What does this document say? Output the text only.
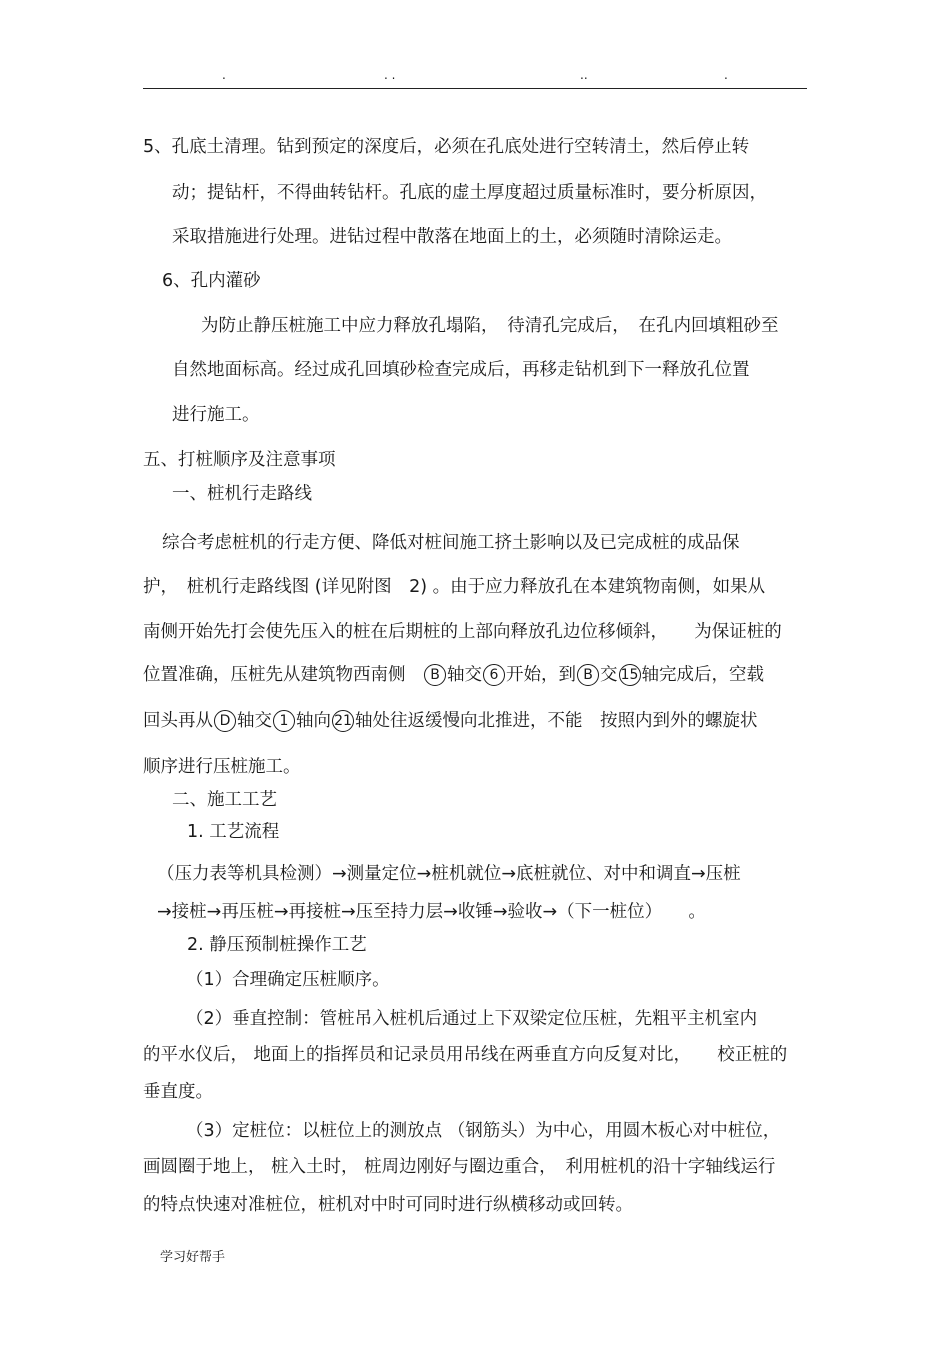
.	. .	..	.
5、孔底土清理。钻到预定的深度后，必须在孔底处进行空转清土，然后停止转
动；提钻杆，不得曲转钻杆。孔底的虚土厚度超过质量标准时，要分析原因，
采取措施进行处理。进钻过程中散落在地面上的土，必须随时清除运走。
6、孔内灌砂
为防止静压桩施工中应力释放孔塌陷，　待清孔完成后，　在孔内回填粗砂至
自然地面标高。经过成孔回填砂检查完成后，再移走钻机到下一释放孔位置
进行施工。
五、打桩顺序及注意事项
一、桩机行走路线
综合考虑桩机的行走方便、降低对桩间施工挤土影响以及已完成桩的成品保
护，　桩机行走路线图 (详见附图　2) 。由于应力释放孔在本建筑物南侧，如果从
南侧开始先打会使先压入的桩在后期桩的上部向释放孔边位移倾斜，　　为保证桩的
位置准确，压桩先从建筑物西南侧　B 轴交 6 开始，到 B 交 15 轴完成后，空载
回头再从 D 轴交 1 轴向 21 轴处往返缓慢向北推进，不能　按照内到外的螺旋状
顺序进行压桩施工。
二、施工工艺
1. 工艺流程
（压力表等机具检测）→测量定位→桩机就位→底桩就位、对中和调直→压桩
→接桩→再压桩→再接桩→压至持力层→收锤→验收→（下一桩位）　　。
2. 静压预制桩操作工艺
（1）合理确定压桩顺序。
（2）垂直控制：管桩吊入桩机后通过上下双梁定位压桩，先粗平主机室内
的平水仪后， 地面上的指挥员和记录员用吊线在两垂直方向反复对比，　　校正桩的
垂直度。
（3）定桩位：以桩位上的测放点 （钢筋头）为中心，用圆木板心对中桩位，
画圆圈于地上， 桩入土时， 桩周边刚好与圈边重合，　利用桩机的沿十字轴线运行
的特点快速对准桩位，桩机对中时可同时进行纵横移动或回转。
学习好帮手
